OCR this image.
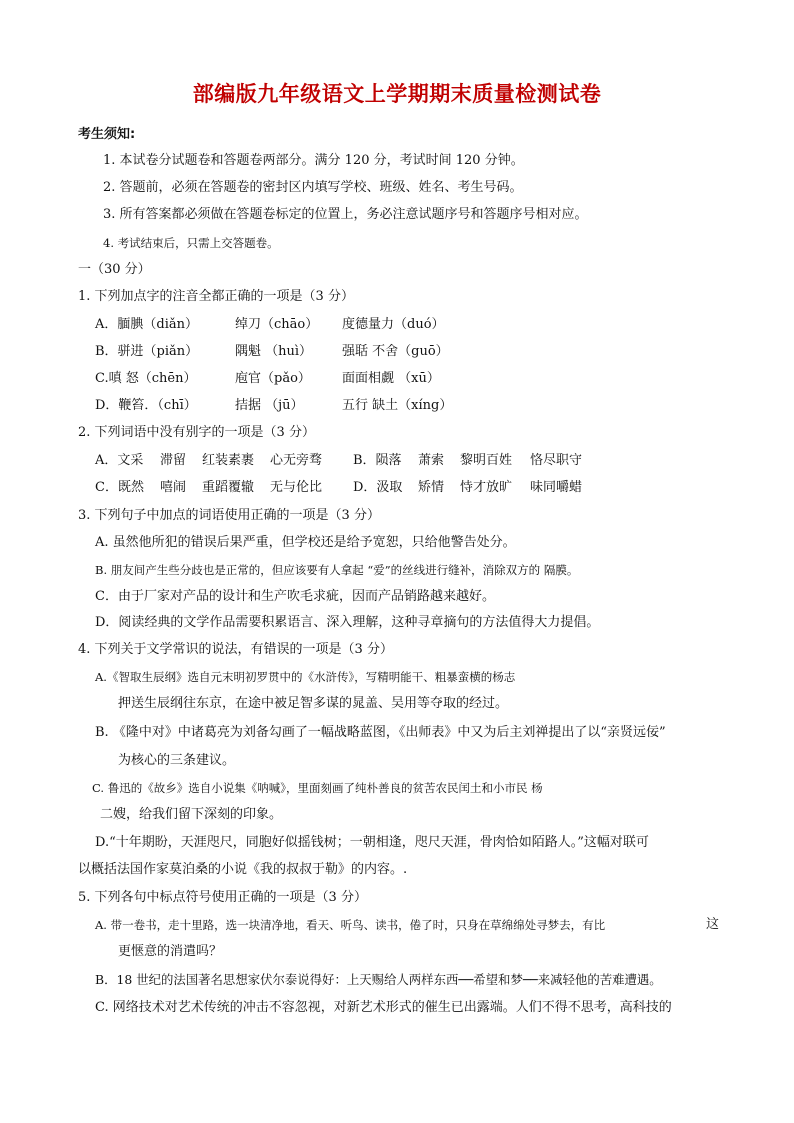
部编版九年级语文上学期期末质量检测试卷
考生须知:
1. 本试卷分试题卷和答题卷两部分。满分 120 分，考试时间 120 分钟。
2. 答题前，必须在答题卷的密封区内填写学校、班级、姓名、考生号码。
3. 所有答案都必须做在答题卷标定的位置上，务必注意试题序号和答题序号相对应。
4. 考试结束后，只需上交答题卷。
一（30 分）
1. 下列加点字的注音全都正确的一项是（3 分）
A．腼腆（diǎn）	绰刀（chāo） 度德量力（duó）
B．骈进（piǎn）	隅魁 （huì） 强聒 不舍（guō）
C.嗔 怒（chēn）	庖官（pǎo） 面面相觑 （xū）
D．鞭笞．（chī）	拮据 （jū）	五行 缺土（xíng）
2. 下列词语中没有别字的一项是（3 分）
A．文采 滞留 红装素裹 心无旁骛 B．陨落 萧索 黎明百姓 恪尽职守
C．既然 嘻闹 重蹈覆辙 无与伦比 D．汲取 矫情 恃才放旷 味同嚼蜡
3. 下列句子中加点的词语使用正确的一项是（3 分）
A. 虽然他所犯的错误后果严重，但学校还是给予宽恕，只给他警告处分。
B. 朋友间产生些分歧也是正常的，但应该要有人拿起 “爱”的丝线进行缝补，消除双方的 隔膜。
C．由于厂家对产品的设计和生产吹毛求疵，因而产品销路越来越好。
D．阅读经典的文学作品需要积累语言、深入理解，这种寻章摘句的方法值得大力提倡。
4. 下列关于文学常识的说法，有错误的一项是（3 分）
A.《智取生辰纲》选自元末明初罗贯中的《水浒传》，写精明能干、粗暴蛮横的杨志
押送生辰纲往东京，在途中被足智多谋的晁盖、吴用等夺取的经过。
B. 《隆中对》中诸葛亮为刘备勾画了一幅战略蓝图，《出师表》中又为后主刘禅提出了以“亲贤远佞”
为核心的三条建议。
C. 鲁迅的《故乡》选自小说集《呐喊》，里面刻画了纯朴善良的贫苦农民闰土和小市民 杨
二嫂，给我们留下深刻的印象。
D.“十年期盼，天涯咫尺，同胞好似摇钱树；一朝相逢，咫尺天涯，骨肉恰如陌路人。”这幅对联可
以概括法国作家莫泊桑的小说《我的叔叔于勒》的内容。.
5. 下列各句中标点符号使用正确的一项是（3 分）
A. 带一卷书，走十里路，选一块清净地，看天、听鸟、读书，倦了时，只身在草绵绵处寻梦去，有比	这
更惬意的消遣吗？
B．18 世纪的法国著名思想家伏尔泰说得好：上天赐给人两样东西──希望和梦──来减轻他的苦难遭遇。
C. 网络技术对艺术传统的冲击不容忽视，对新艺术形式的催生已出露端。人们不得不思考，高科技的
